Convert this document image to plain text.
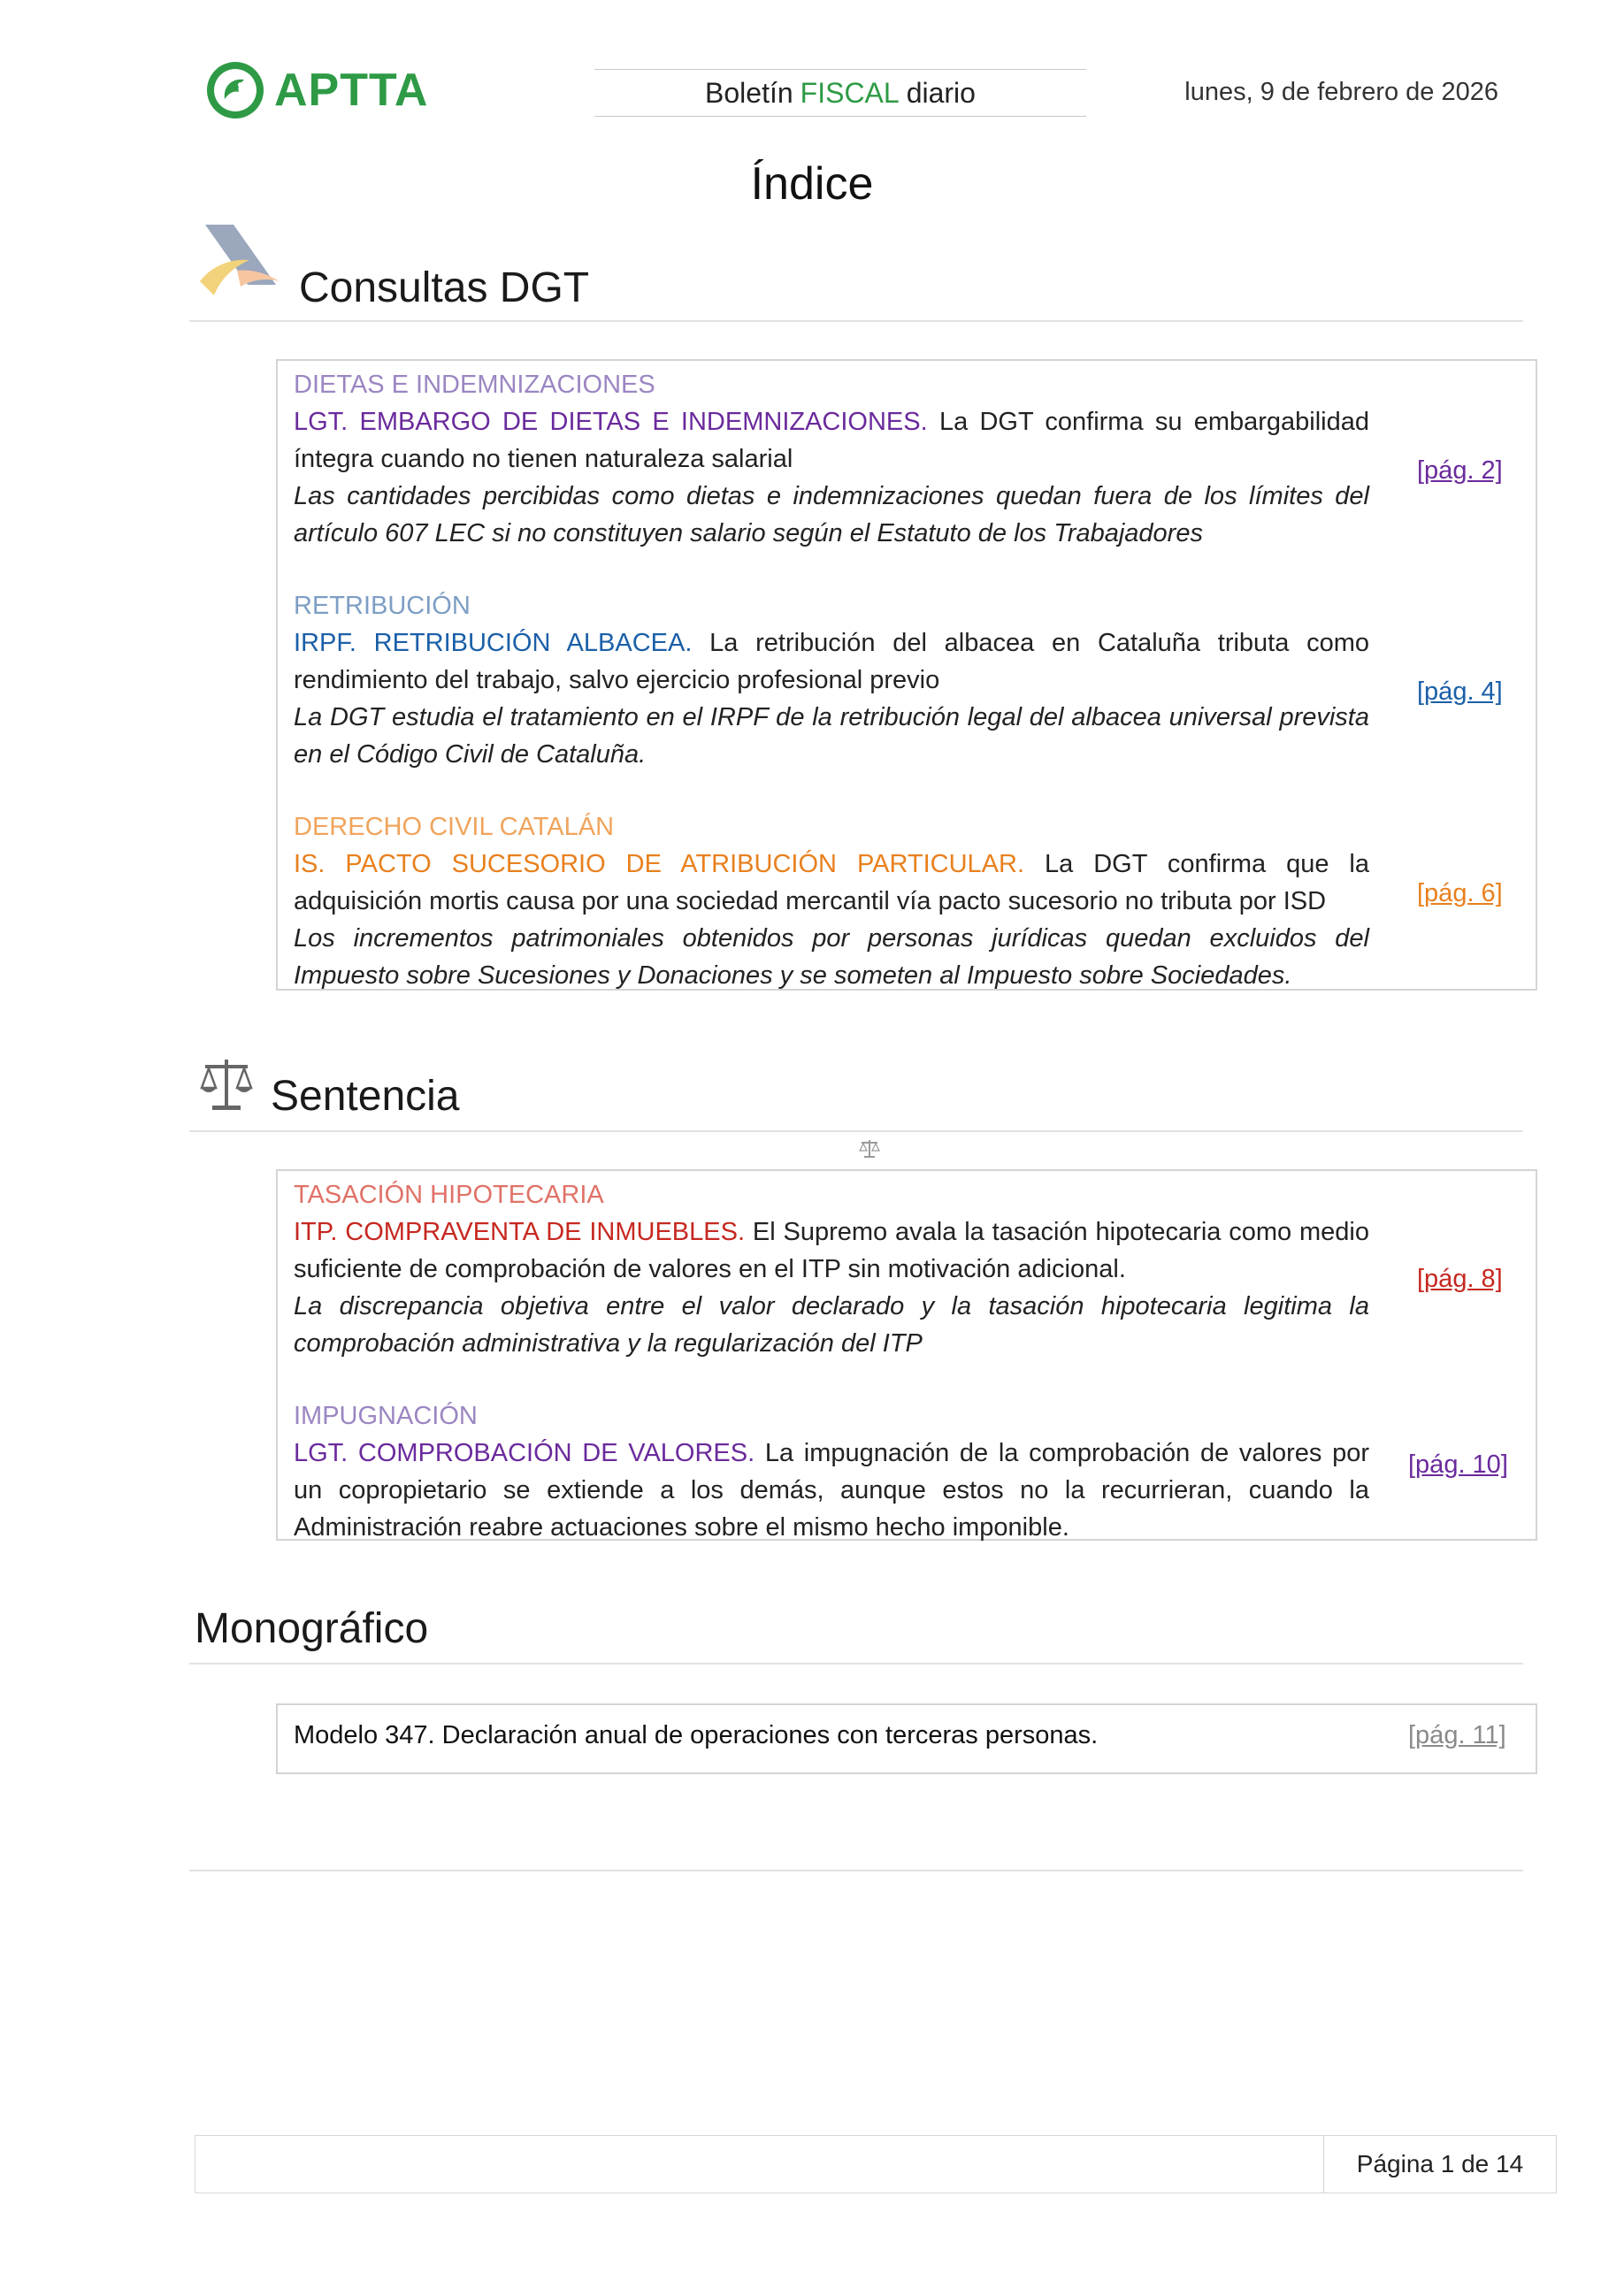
APTTA	Boletín FISCAL diario	lunes, 9 de febrero de 2026
Índice
Consultas DGT
DIETAS E INDEMNIZACIONES
LGT. EMBARGO DE DIETAS E INDEMNIZACIONES. La DGT confirma su embargabilidad íntegra cuando no tienen naturaleza salarial
Las cantidades percibidas como dietas e indemnizaciones quedan fuera de los límites del artículo 607 LEC si no constituyen salario según el Estatuto de los Trabajadores
[pág. 2]
RETRIBUCIÓN
IRPF. RETRIBUCIÓN ALBACEA. La retribución del albacea en Cataluña tributa como rendimiento del trabajo, salvo ejercicio profesional previo
La DGT estudia el tratamiento en el IRPF de la retribución legal del albacea universal prevista en el Código Civil de Cataluña.
[pág. 4]
DERECHO CIVIL CATALÁN
IS. PACTO SUCESORIO DE ATRIBUCIÓN PARTICULAR. La DGT confirma que la adquisición mortis causa por una sociedad mercantil vía pacto sucesorio no tributa por ISD
Los incrementos patrimoniales obtenidos por personas jurídicas quedan excluidos del Impuesto sobre Sucesiones y Donaciones y se someten al Impuesto sobre Sociedades.
[pág. 6]
Sentencia
TASACIÓN HIPOTECARIA
ITP. COMPRAVENTA DE INMUEBLES. El Supremo avala la tasación hipotecaria como medio suficiente de comprobación de valores en el ITP sin motivación adicional.
La discrepancia objetiva entre el valor declarado y la tasación hipotecaria legitima la comprobación administrativa y la regularización del ITP
[pág. 8]
IMPUGNACIÓN
LGT. COMPROBACIÓN DE VALORES. La impugnación de la comprobación de valores por un copropietario se extiende a los demás, aunque estos no la recurrieran, cuando la Administración reabre actuaciones sobre el mismo hecho imponible.
[pág. 10]
Monográfico
Modelo 347. Declaración anual de operaciones con terceras personas.	[pág. 11]
Página 1 de 14
